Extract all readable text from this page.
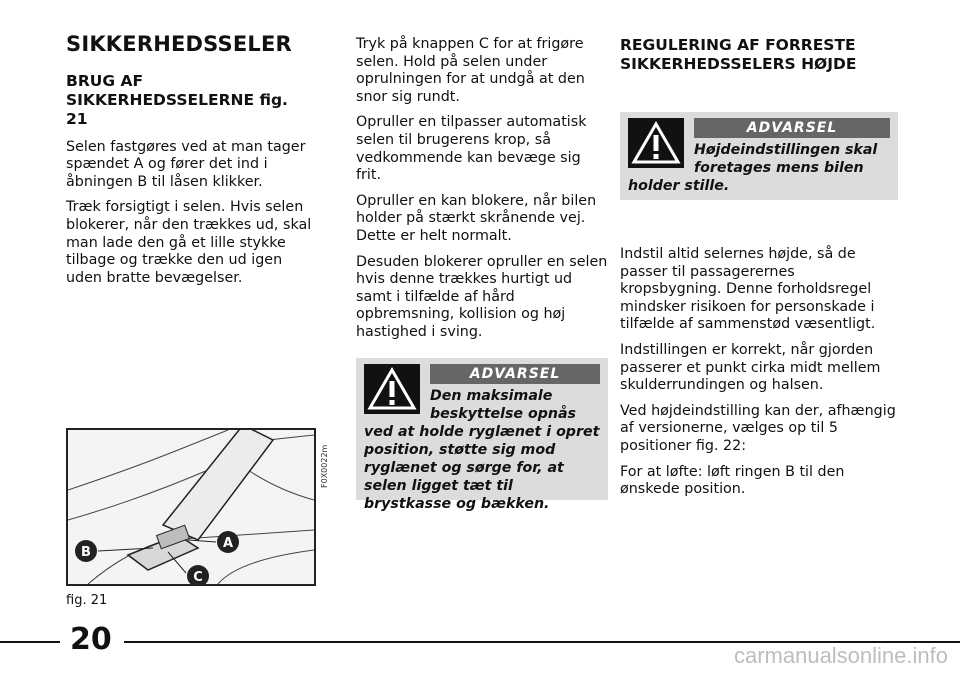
SIKKERHEDSSELER
BRUG AF SIKKERHEDSSELERNE fig. 21

Selen fastgøres ved at man tager spændet A og fører det ind i åbningen B til låsen klikker.

Træk forsigtigt i selen. Hvis selen blokerer, når den trækkes ud, skal man lade den gå et lille stykke tilbage og trække den ud igen uden bratte bevægelser.

B
A
C
F0X0022m
fig. 21

Tryk på knappen C for at frigøre selen. Hold på selen under oprulningen for at undgå at den snor sig rundt.

Opruller en tilpasser automatisk selen til brugerens krop, så vedkommende kan bevæge sig frit.

Opruller en kan blokere, når bilen holder på stærkt skrånende vej. Dette er helt normalt.

Desuden blokerer opruller en selen hvis denne trækkes hurtigt ud samt i tilfælde af hård opbremsning, kollision og høj hastighed i sving.

ADVARSEL
Den maksimale beskyttelse opnås ved at holde ryglænet i opret position, støtte sig mod ryglænet og sørge for, at selen ligget tæt til brystkasse og bækken.
REGULERING AF FORRESTE SIKKERHEDSSELERS HØJDE
ADVARSEL
Højdeindstillingen skal foretages mens bilen holder stille.

Indstil altid selernes højde, så de passer til passagerernes kropsbygning. Denne forholdsregel mindsker risikoen for personskade i tilfælde af sammenstød væsentligt.

Indstillingen er korrekt, når gjorden passerer et punkt cirka midt mellem skulderrundingen og halsen.

Ved højdeindstilling kan der, afhængig af versionerne, vælges op til 5 positioner fig. 22:

For at løfte: løft ringen B til den ønskede position.

20	carmanualsonline.info
